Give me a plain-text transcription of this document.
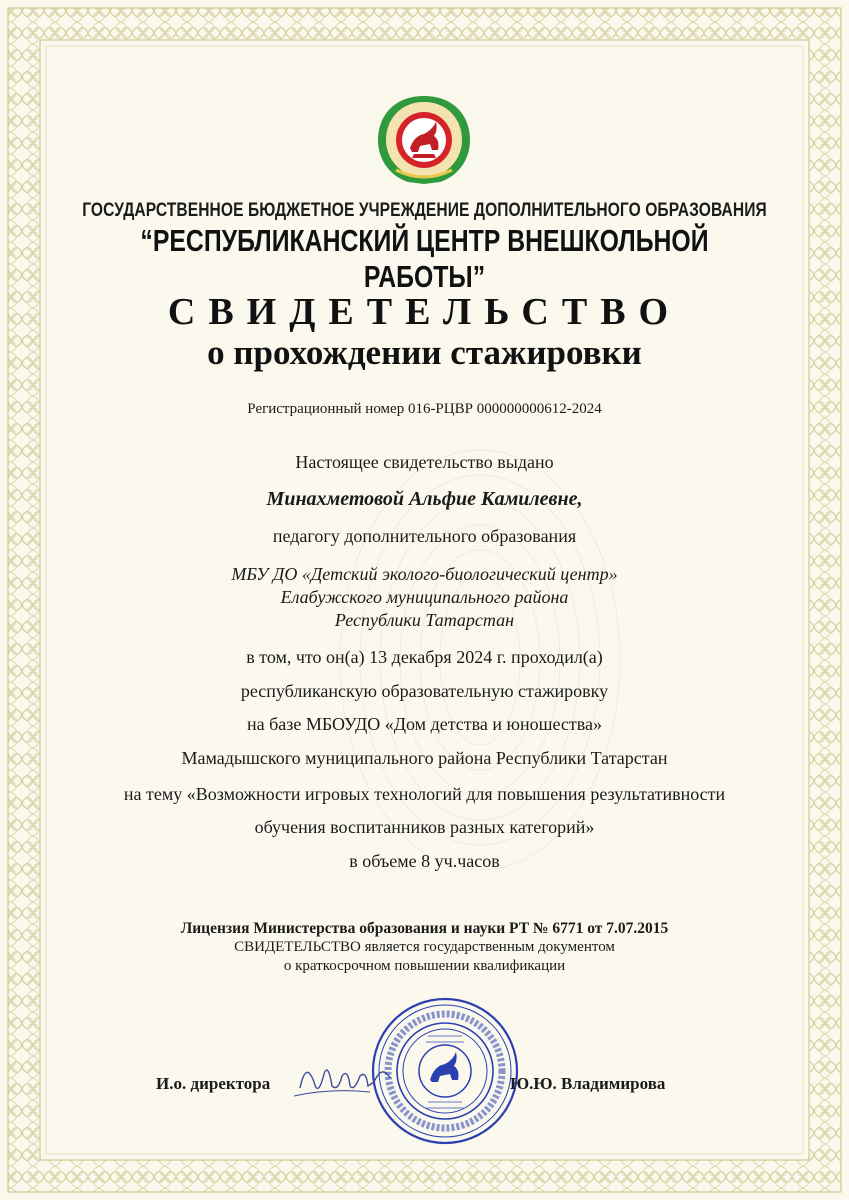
ГОСУДАРСТВЕННОЕ БЮДЖЕТНОЕ УЧРЕЖДЕНИЕ ДОПОЛНИТЕЛЬНОГО ОБРАЗОВАНИЯ
“РЕСПУБЛИКАНСКИЙ ЦЕНТР ВНЕШКОЛЬНОЙ РАБОТЫ”
СВИДЕТЕЛЬСТВО
о прохождении стажировки
Регистрационный номер 016-РЦВР 000000000612-2024
Настоящее свидетельство выдано
Минахметовой Альфие Камилевне,
педагогу дополнительного образования
МБУ ДО «Детский эколого-биологический центр»
Елабужского муниципального района
Республики Татарстан
в том, что он(а) 13 декабря 2024 г. проходил(а)
республиканскую образовательную стажировку
на базе МБОУДО «Дом детства и юношества»
Мамадышского муниципального района Республики Татарстан
на тему «Возможности игровых технологий для повышения результативности
обучения воспитанников разных категорий»
в объеме 8 уч.часов
Лицензия Министерства образования и науки РТ № 6771 от 7.07.2015
СВИДЕТЕЛЬСТВО является государственным документом
о краткосрочном повышении квалификации
И.о. директора	Ю.Ю. Владимирова
